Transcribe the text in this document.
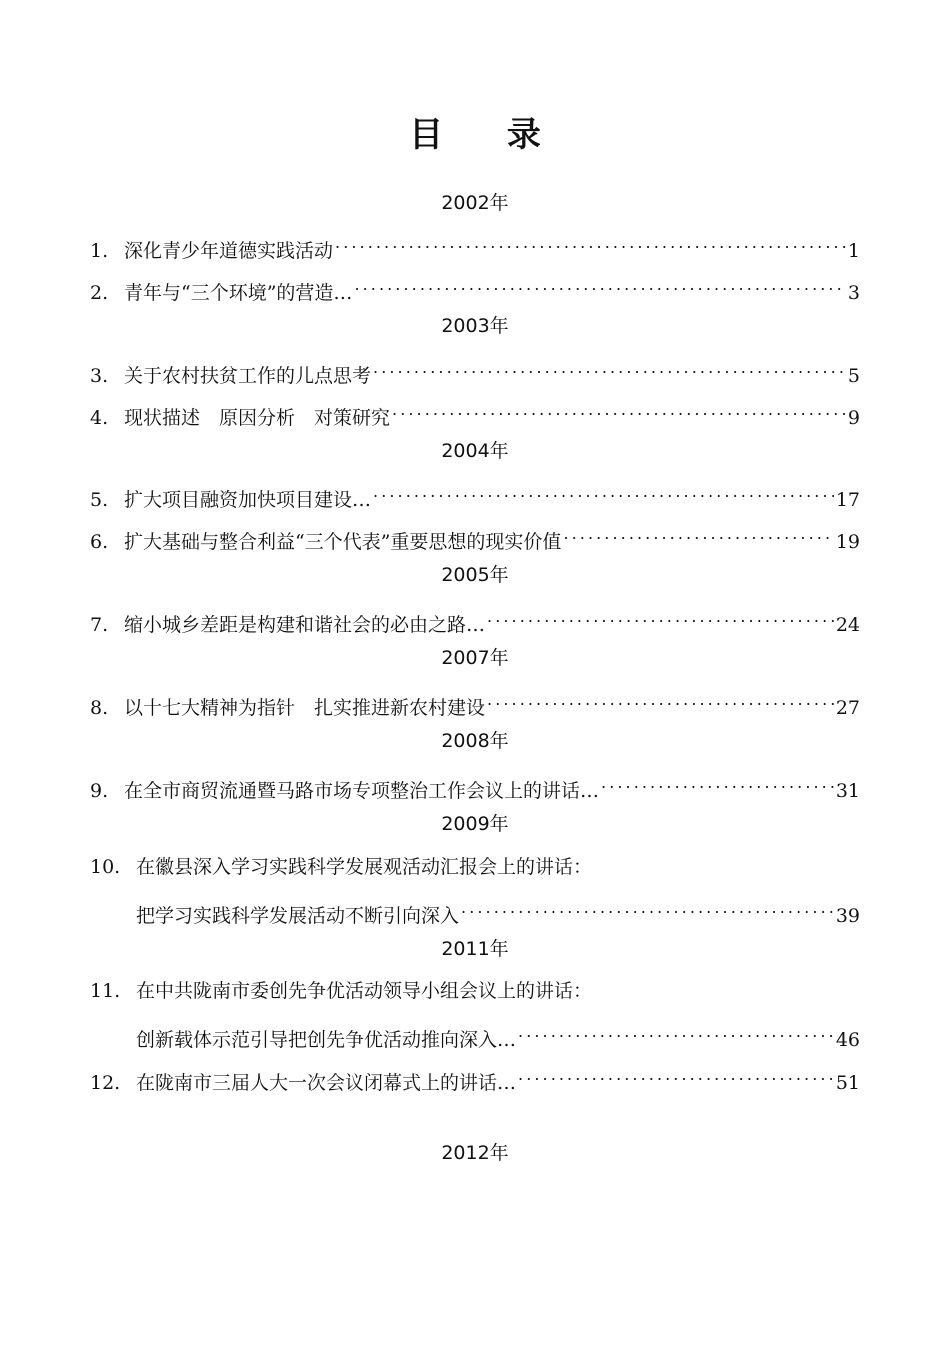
目 录
2002年
1. 深化青少年道德实践活动 . . .	1
2. 青年与“三个环境”的营造… . . .	3
2003年
3. 关于农村扶贫工作的儿点思考 . . .	5
4. 现状描述　原因分析　对策研究 . . .	9
2004年
5. 扩大项目融资加快项目建设… . . .	17
6. 扩大基础与整合利益“三个代表”重要思想的现实价值 . . .	19
2005年
7. 缩小城乡差距是构建和谐社会的必由之路… . . .	24
2007年
8. 以十七大精神为指针　扎实推进新农村建设 . . .	27
2008年
9. 在全市商贸流通暨马路市场专项整治工作会议上的讲话… . . .	31
2009年
10. 在徽县深入学习实践科学发展观活动汇报会上的讲话：
把学习实践科学发展活动不断引向深入 . . .	39
2011年
11. 在中共陇南市委创先争优活动领导小组会议上的讲话：
创新载体示范引导把创先争优活动推向深入… . . .	46
12. 在陇南市三届人大一次会议闭幕式上的讲话… . . .	51
2012年
